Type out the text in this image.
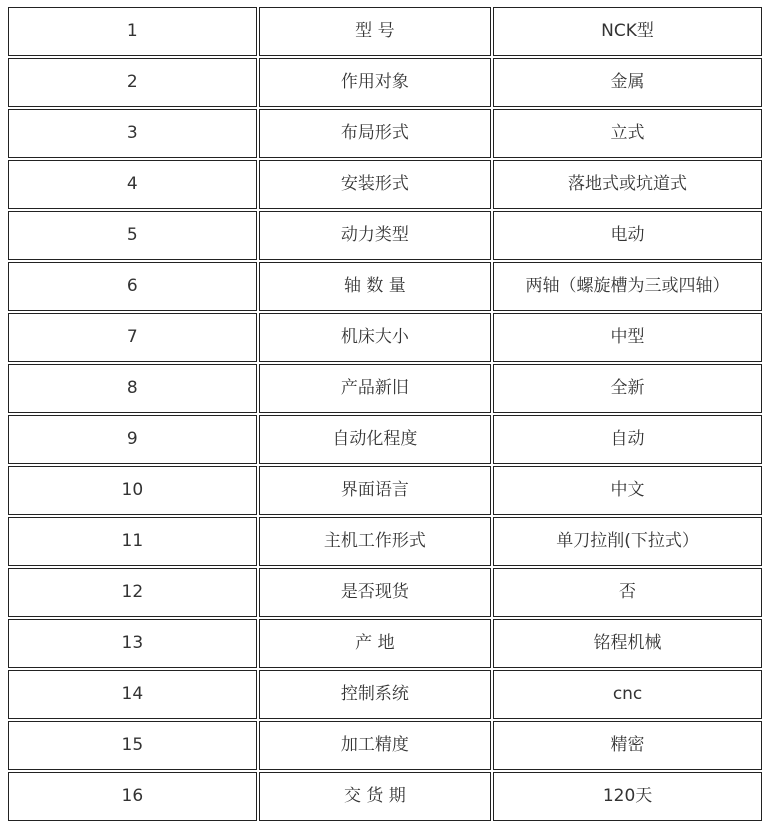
1	型 号	NCK型
2	作用对象	金属
3	布局形式	立式
4	安装形式	落地式或坑道式
5	动力类型	电动
6	轴 数 量	两轴（螺旋槽为三或四轴）
7	机床大小	中型
8	产品新旧	全新
9	自动化程度	自动
10	界面语言	中文
11	主机工作形式	单刀拉削(下拉式）
12	是否现货	否
13	产 地	铭程机械
14	控制系统	cnc
15	加工精度	精密
16	交 货 期	120天
